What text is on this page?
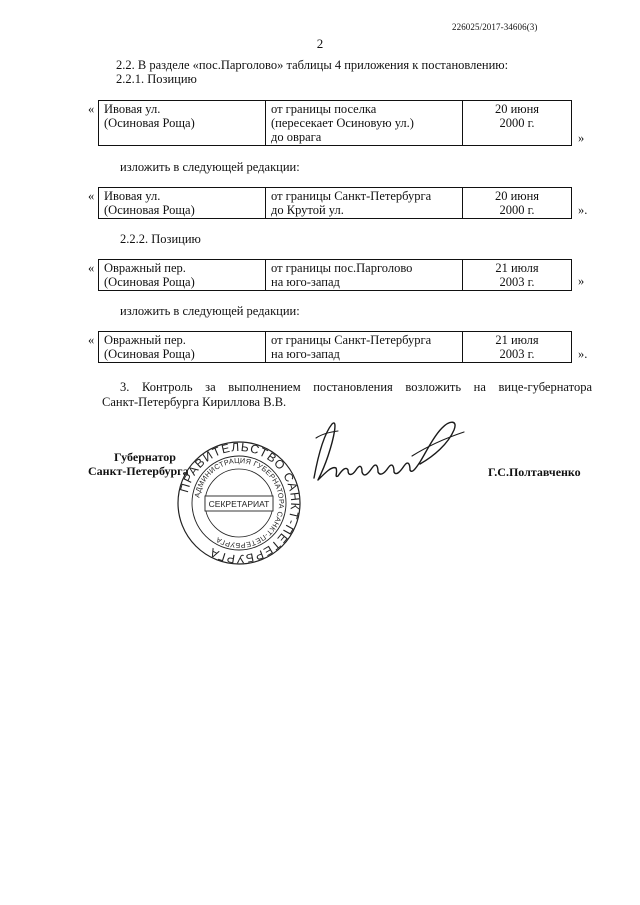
226025/2017-34606(3)
2
2.2. В разделе «пос.Парголово» таблицы 4 приложения к постановлению:
2.2.1. Позицию
« Ивовая ул.
(Осиновая Роща)

от границы поселка
(пересекает Осиновую ул.)
до оврага

20 июня
2000 г.
»
изложить в следующей редакции:
« Ивовая ул.
(Осиновая Роща)

от границы Санкт-Петербурга
до Крутой ул.

20 июня
2000 г.	».
2.2.2. Позицию
« Овражный пер.
(Осиновая Роща)

от границы пос.Парголово
на юго-запад

21 июля
2003 г.	»
изложить в следующей редакции:
« Овражный пер.
(Осиновая Роща)

от границы Санкт-Петербурга
на юго-запад

21 июля
2003 г.	».
3. Контроль за выполнением постановления возложить на вице-губернатора
Санкт-Петербурга Кириллова В.В.
Губернатор
Санкт-Петербурга	Г.С.Полтавченко
ПРАВИТЕЛЬСТВО САНКТ-ПЕТЕРБУРГА
АДМИНИСТРАЦИЯ ГУБЕРНАТОРА САНКТ-ПЕТЕРБУРГА
СЕКРЕТАРИАТ
